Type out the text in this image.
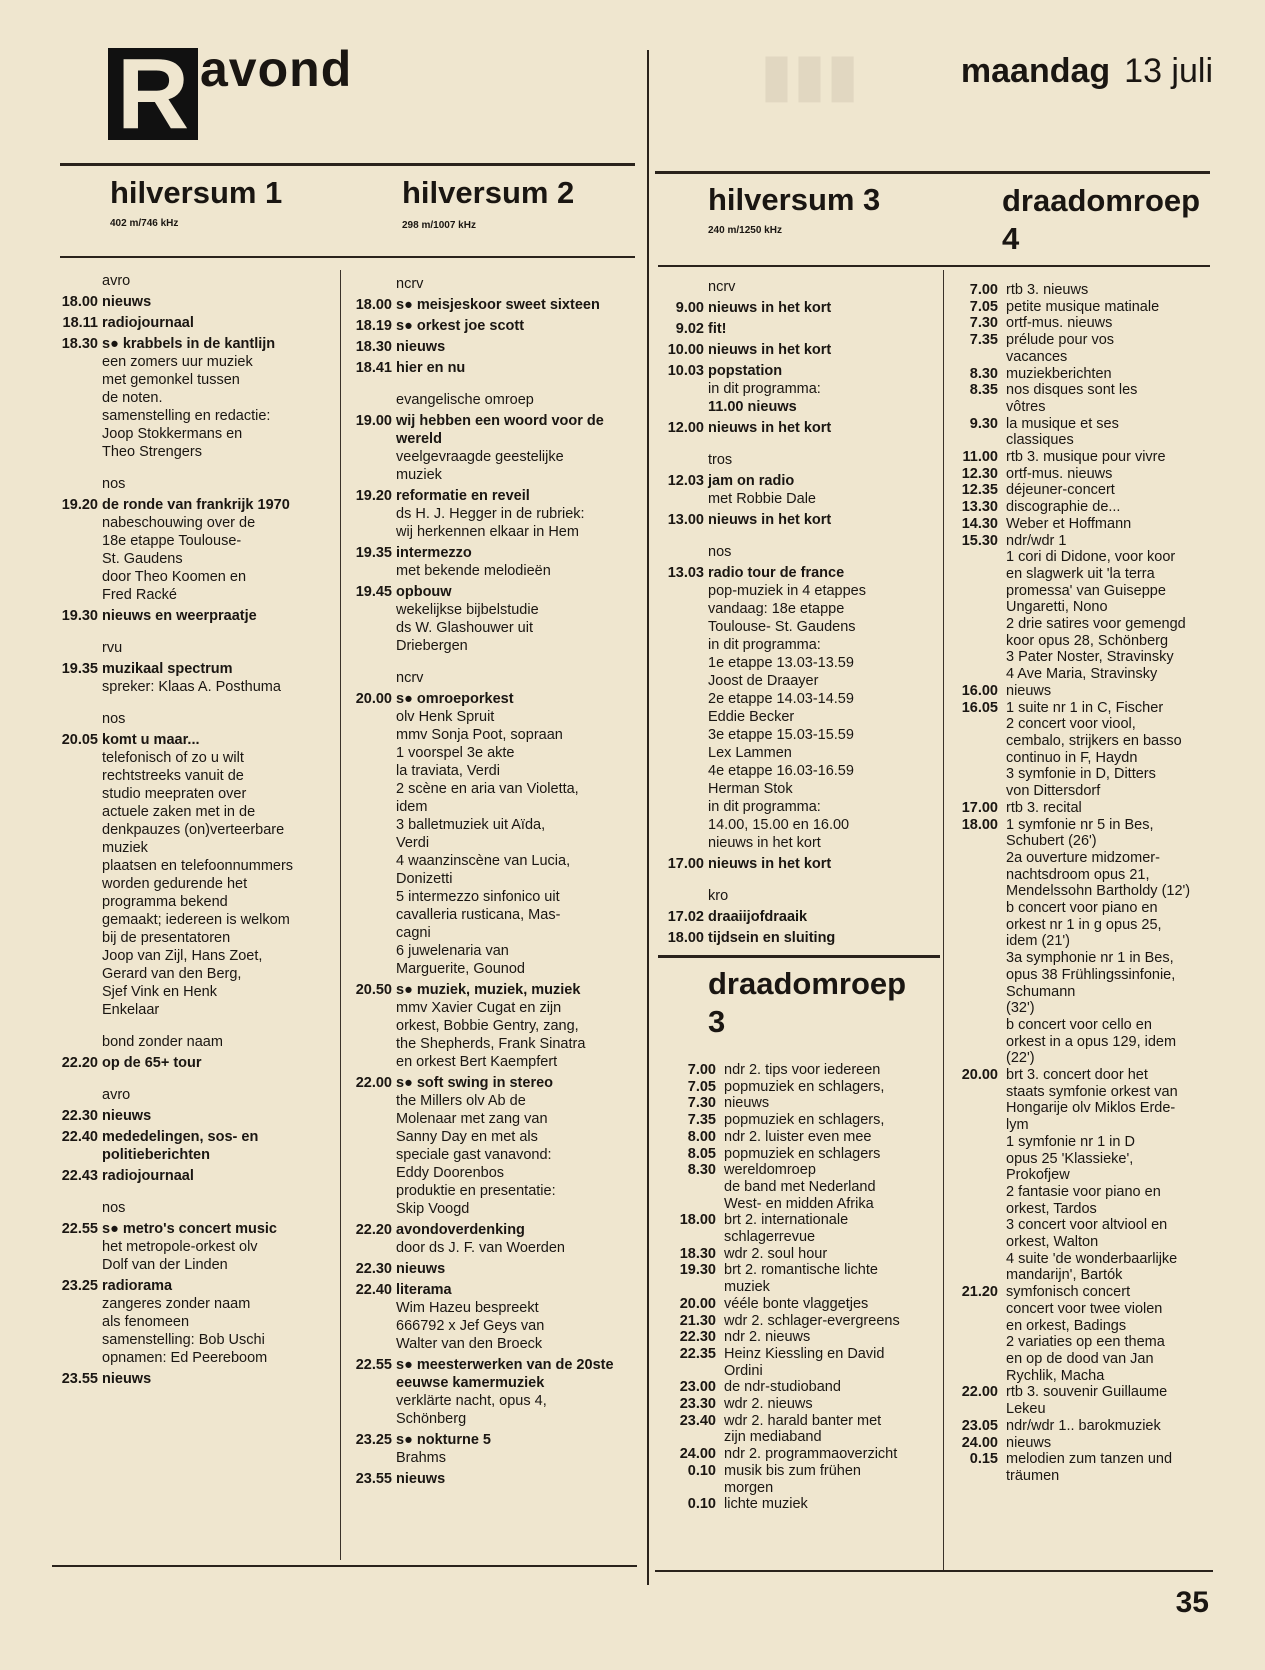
▮▮▮
R avond	maandag 13 juli
hilversum 1
402 m/746 kHz
hilversum 2
298 m/1007 kHz
hilversum 3
240 m/1250 kHz
draadomroep
4
avro
18.00 nieuws
18.11 radiojournaal
18.30 s● krabbels in de kantlijn
een zomers uur muziek
met gemonkel tussen
de noten.
samenstelling en redactie:
Joop Stokkermans en
Theo Strengers
nos
19.20 de ronde van frankrijk 1970
nabeschouwing over de
18e etappe Toulouse-
St. Gaudens
door Theo Koomen en
Fred Racké
19.30 nieuws en weerpraatje
rvu
19.35 muzikaal spectrum
spreker: Klaas A. Posthuma
nos
20.05 komt u maar...
telefonisch of zo u wilt
rechtstreeks vanuit de
studio meepraten over
actuele zaken met in de
denkpauzes (on)verteerbare
muziek
plaatsen en telefoonnummers
worden gedurende het
programma bekend
gemaakt; iedereen is welkom
bij de presentatoren
Joop van Zijl, Hans Zoet,
Gerard van den Berg,
Sjef Vink en Henk
Enkelaar
bond zonder naam
22.20 op de 65+ tour
avro
22.30 nieuws
22.40 mededelingen, sos- en politieberichten
22.43 radiojournaal
nos
22.55 s● metro's concert music
het metropole-orkest olv
Dolf van der Linden
23.25 radiorama
zangeres zonder naam
als fenomeen
samenstelling: Bob Uschi
opnamen: Ed Peereboom
23.55 nieuws
ncrv
18.00 s● meisjeskoor sweet sixteen
18.19 s● orkest joe scott
18.30 nieuws
18.41 hier en nu
evangelische omroep
19.00 wij hebben een woord voor de wereld
veelgevraagde geestelijke
muziek
19.20 reformatie en reveil
ds H. J. Hegger in de rubriek:
wij herkennen elkaar in Hem
19.35 intermezzo
met bekende melodieën
19.45 opbouw
wekelijkse bijbelstudie
ds W. Glashouwer uit
Driebergen
ncrv
20.00 s● omroeporkest
olv Henk Spruit
mmv Sonja Poot, sopraan
1 voorspel 3e akte
la traviata, Verdi
2 scène en aria van Violetta,
idem
3 balletmuziek uit Aïda,
Verdi
4 waanzinscène van Lucia,
Donizetti
5 intermezzo sinfonico uit
cavalleria rusticana, Mas-
cagni
6 juwelenaria van
Marguerite, Gounod
20.50 s● muziek, muziek, muziek
mmv Xavier Cugat en zijn
orkest, Bobbie Gentry, zang,
the Shepherds, Frank Sinatra
en orkest Bert Kaempfert
22.00 s● soft swing in stereo
the Millers olv Ab de
Molenaar met zang van
Sanny Day en met als
speciale gast vanavond:
Eddy Doorenbos
produktie en presentatie:
Skip Voogd
22.20 avondoverdenking
door ds J. F. van Woerden
22.30 nieuws
22.40 literama
Wim Hazeu bespreekt
666792 x Jef Geys van
Walter van den Broeck
22.55 s● meesterwerken van de 20ste eeuwse kamermuziek
verklärte nacht, opus 4,
Schönberg
23.25 s● nokturne 5
Brahms
23.55 nieuws
ncrv
9.00 nieuws in het kort
9.02 fit!
10.00 nieuws in het kort
10.03 popstation
in dit programma:
11.00 nieuws
12.00 nieuws in het kort
tros
12.03 jam on radio
met Robbie Dale
13.00 nieuws in het kort
nos
13.03 radio tour de france
pop-muziek in 4 etappes
vandaag: 18e etappe
Toulouse- St. Gaudens
in dit programma:
1e etappe 13.03-13.59
Joost de Draayer
2e etappe 14.03-14.59
Eddie Becker
3e etappe 15.03-15.59
Lex Lammen
4e etappe 16.03-16.59
Herman Stok
in dit programma:
14.00, 15.00 en 16.00
nieuws in het kort
17.00 nieuws in het kort
kro
17.02 draaiijofdraaik
18.00 tijdsein en sluiting
7.00 rtb 3. nieuws
7.05 petite musique matinale
7.30 ortf-mus. nieuws
7.35 prélude pour vos
vacances
8.30 muziekberichten
8.35 nos disques sont les
vôtres
9.30 la musique et ses
classiques
11.00 rtb 3. musique pour vivre
12.30 ortf-mus. nieuws
12.35 déjeuner-concert
13.30 discographie de...
14.30 Weber et Hoffmann
15.30 ndr/wdr 1
1 cori di Didone, voor koor
en slagwerk uit 'la terra
promessa' van Guiseppe
Ungaretti, Nono
2 drie satires voor gemengd
koor opus 28, Schönberg
3 Pater Noster, Stravinsky
4 Ave Maria, Stravinsky
16.00 nieuws
16.05 1 suite nr 1 in C, Fischer
2 concert voor viool,
cembalo, strijkers en basso
continuo in F, Haydn
3 symfonie in D, Ditters
von Dittersdorf
17.00 rtb 3. recital
18.00 1 symfonie nr 5 in Bes,
Schubert (26')
2a ouverture midzomer-
nachtsdroom opus 21,
Mendelssohn Bartholdy (12')
b concert voor piano en
orkest nr 1 in g opus 25,
idem (21')
3a symphonie nr 1 in Bes,
opus 38 Frühlingssinfonie,
Schumann
(32')
b concert voor cello en
orkest in a opus 129, idem
(22')
20.00 brt 3. concert door het
staats symfonie orkest van
Hongarije olv Miklos Erde-
lym
1 symfonie nr 1 in D
opus 25 'Klassieke',
Prokofjew
2 fantasie voor piano en
orkest, Tardos
3 concert voor altviool en
orkest, Walton
4 suite 'de wonderbaarlijke
mandarijn', Bartók
21.20 symfonisch concert
concert voor twee violen
en orkest, Badings
2 variaties op een thema
en op de dood van Jan
Rychlik, Macha
22.00 rtb 3. souvenir Guillaume
Lekeu
23.05 ndr/wdr 1.. barokmuziek
24.00 nieuws
0.15 melodien zum tanzen und
träumen
draadomroep
3
7.00 ndr 2. tips voor iedereen
7.05 popmuziek en schlagers,
7.30 nieuws
7.35 popmuziek en schlagers,
8.00 ndr 2. luister even mee
8.05 popmuziek en schlagers
8.30 wereldomroep
de band met Nederland
West- en midden Afrika
18.00 brt 2. internationale
schlagerrevue
18.30 wdr 2. soul hour
19.30 brt 2. romantische lichte
muziek
20.00 vééle bonte vlaggetjes
21.30 wdr 2. schlager-evergreens
22.30 ndr 2. nieuws
22.35 Heinz Kiessling en David
Ordini
23.00 de ndr-studioband
23.30 wdr 2. nieuws
23.40 wdr 2. harald banter met
zijn mediaband
24.00 ndr 2. programmaoverzicht
0.10 musik bis zum frühen
morgen
0.10 lichte muziek
35
